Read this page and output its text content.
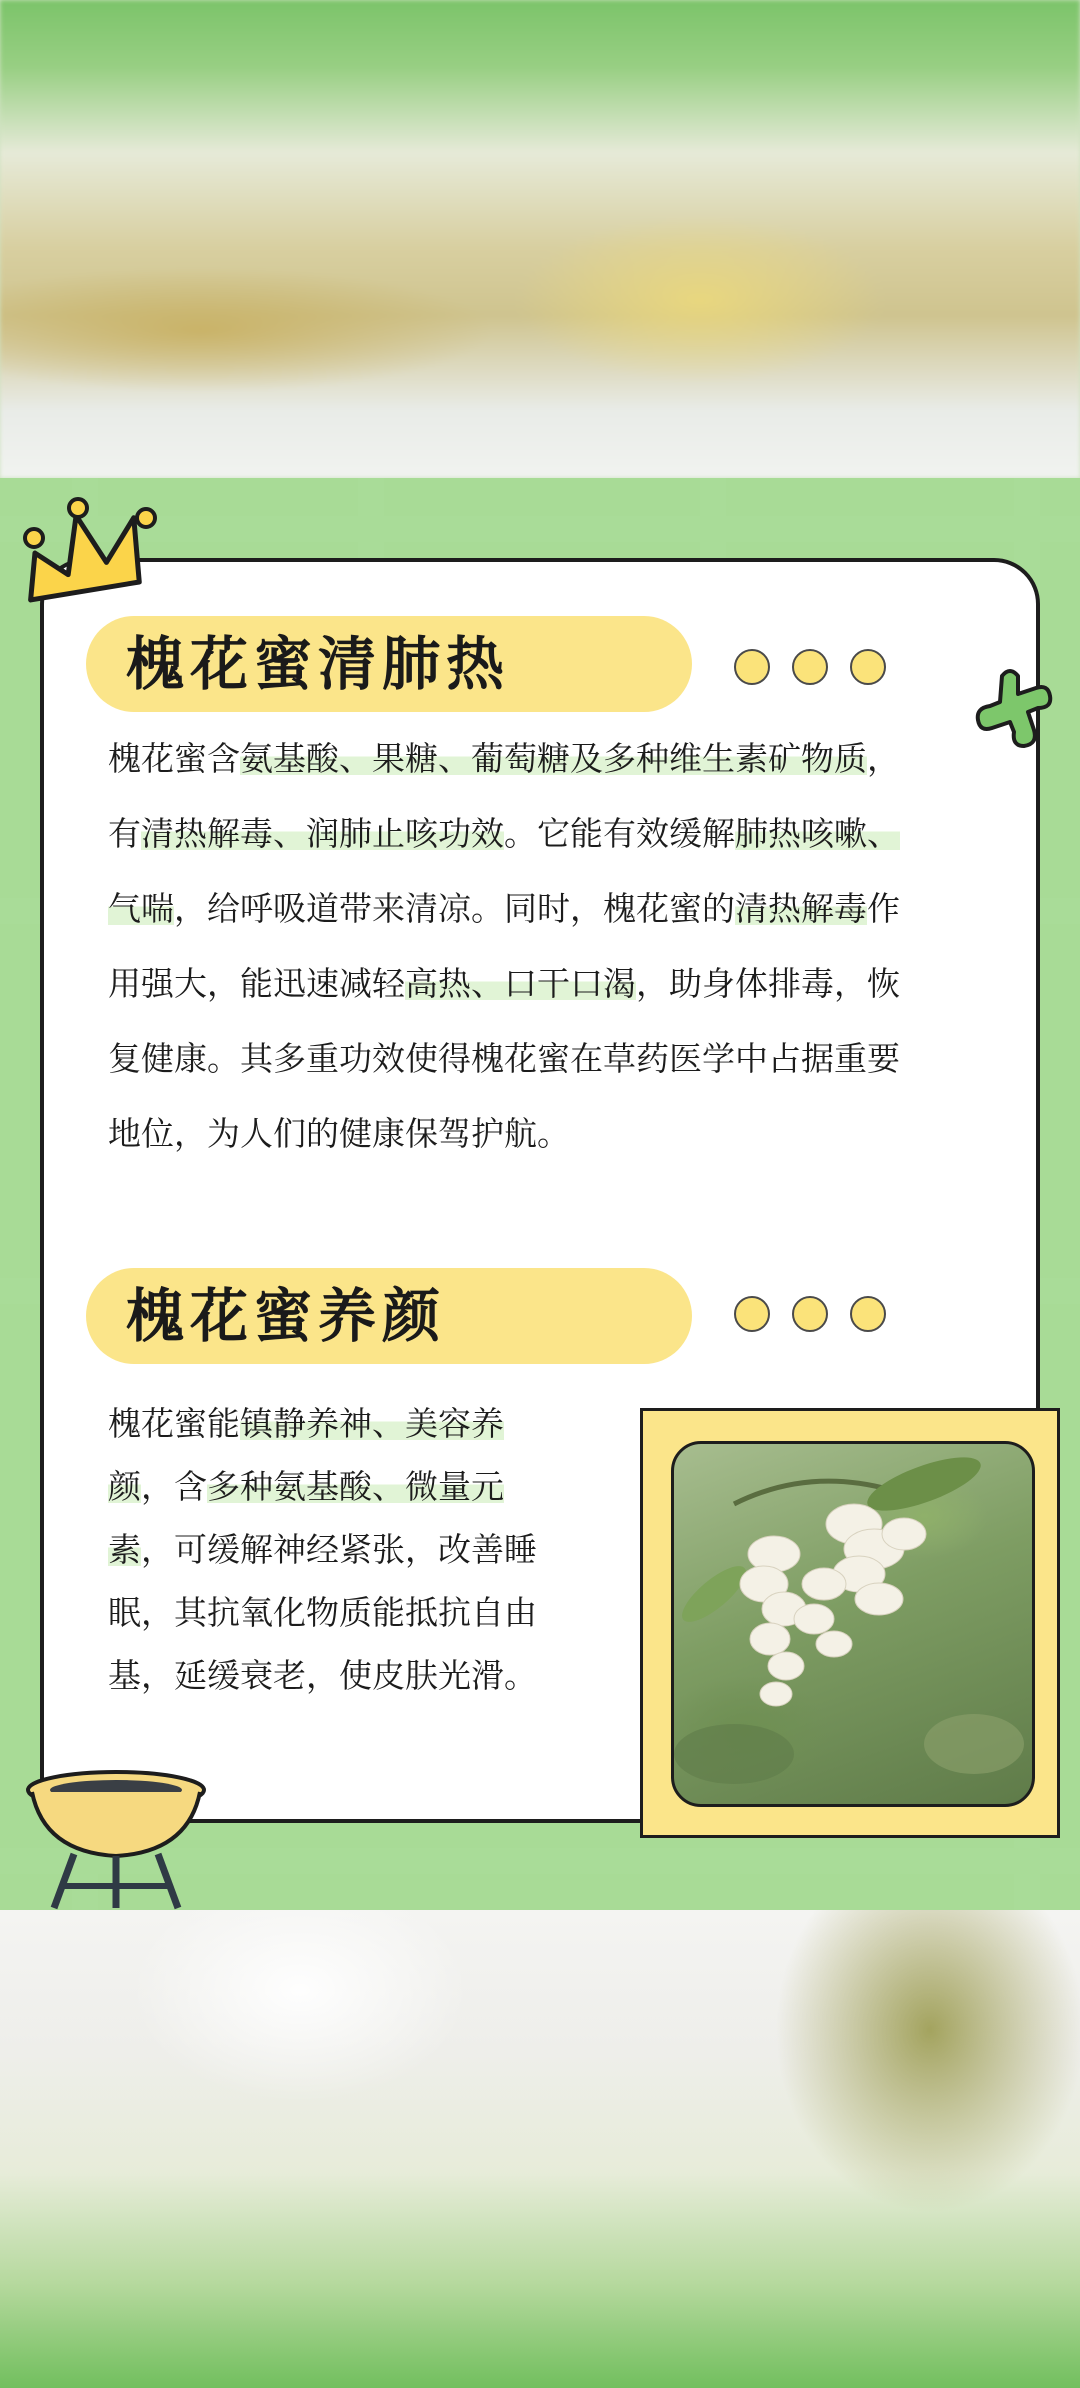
槐花蜜清肺热
槐花蜜含氨基酸、果糖、葡萄糖及多种维生素矿物质，
有清热解毒、润肺止咳功效。它能有效缓解肺热咳嗽、
气喘，给呼吸道带来清凉。同时，槐花蜜的清热解毒作
用强大，能迅速减轻高热、口干口渴，助身体排毒，恢
复健康。其多重功效使得槐花蜜在草药医学中占据重要
地位，为人们的健康保驾护航。
槐花蜜养颜
槐花蜜能镇静养神、美容养
颜，含多种氨基酸、微量元
素，可缓解神经紧张，改善睡
眠，其抗氧化物质能抵抗自由
基，延缓衰老，使皮肤光滑。
